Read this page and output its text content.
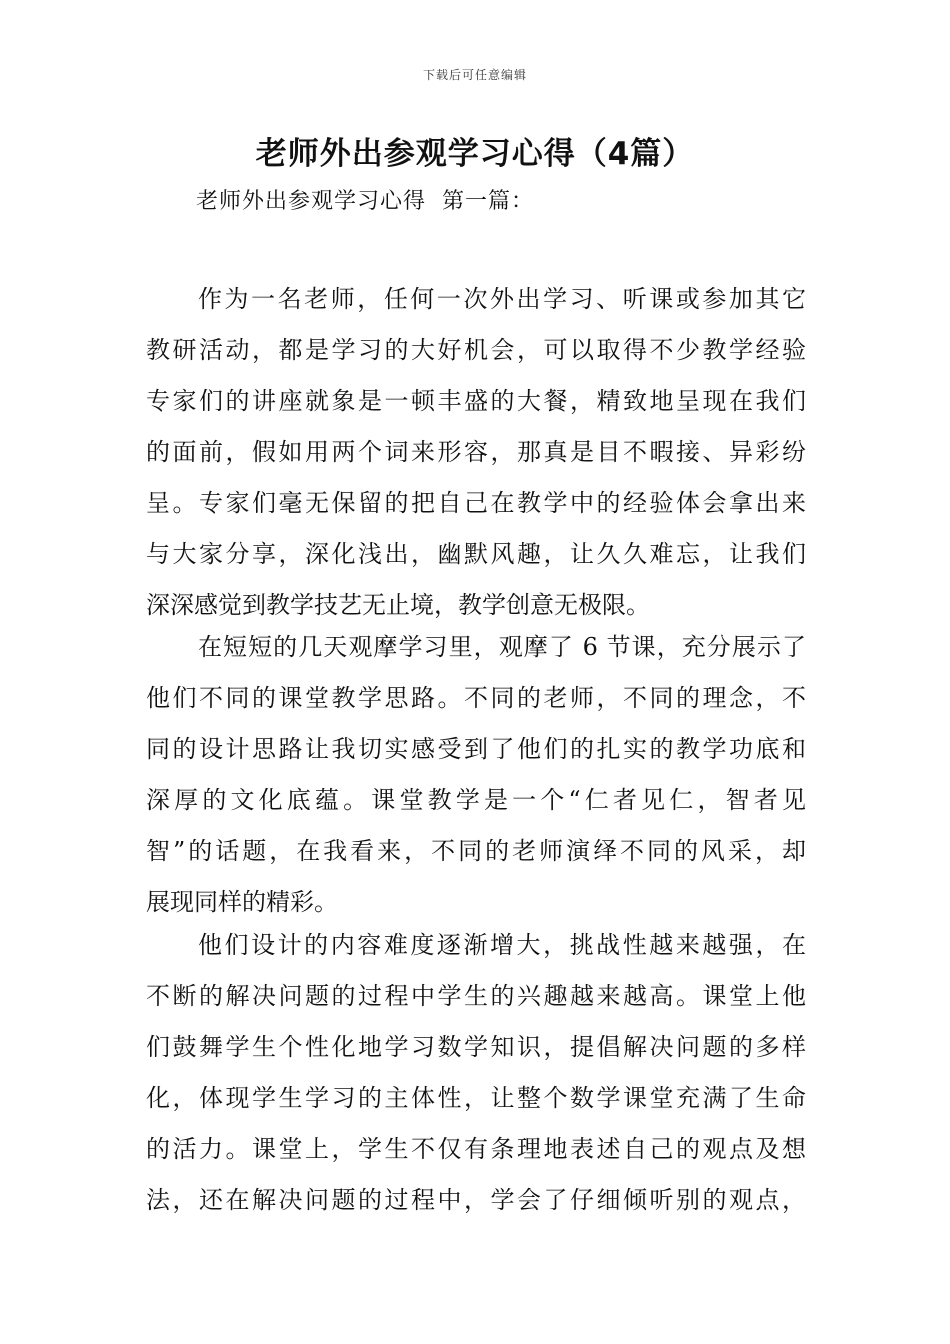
下载后可任意编辑
老师外出参观学习心得（4篇）
老师外出参观学习心得  第一篇：
作为一名老师，任何一次外出学习、听课或参加其它
教研活动，都是学习的大好机会，可以取得不少教学经验
专家们的讲座就象是一顿丰盛的大餐，精致地呈现在我们
的面前，假如用两个词来形容，那真是目不暇接、异彩纷
呈。专家们毫无保留的把自己在教学中的经验体会拿出来
与大家分享，深化浅出，幽默风趣，让久久难忘，让我们
深深感觉到教学技艺无止境，教学创意无极限。
在短短的几天观摩学习里，观摩了 6 节课，充分展示了
他们不同的课堂教学思路。不同的老师，不同的理念，不
同的设计思路让我切实感受到了他们的扎实的教学功底和
深厚的文化底蕴。课堂教学是一个“仁者见仁，智者见
智”的话题，在我看来，不同的老师演绎不同的风采，却
展现同样的精彩。
他们设计的内容难度逐渐增大，挑战性越来越强，在
不断的解决问题的过程中学生的兴趣越来越高。课堂上他
们鼓舞学生个性化地学习数学知识，提倡解决问题的多样
化，体现学生学习的主体性，让整个数学课堂充满了生命
的活力。课堂上，学生不仅有条理地表述自己的观点及想
法，还在解决问题的过程中，学会了仔细倾听别的观点，
